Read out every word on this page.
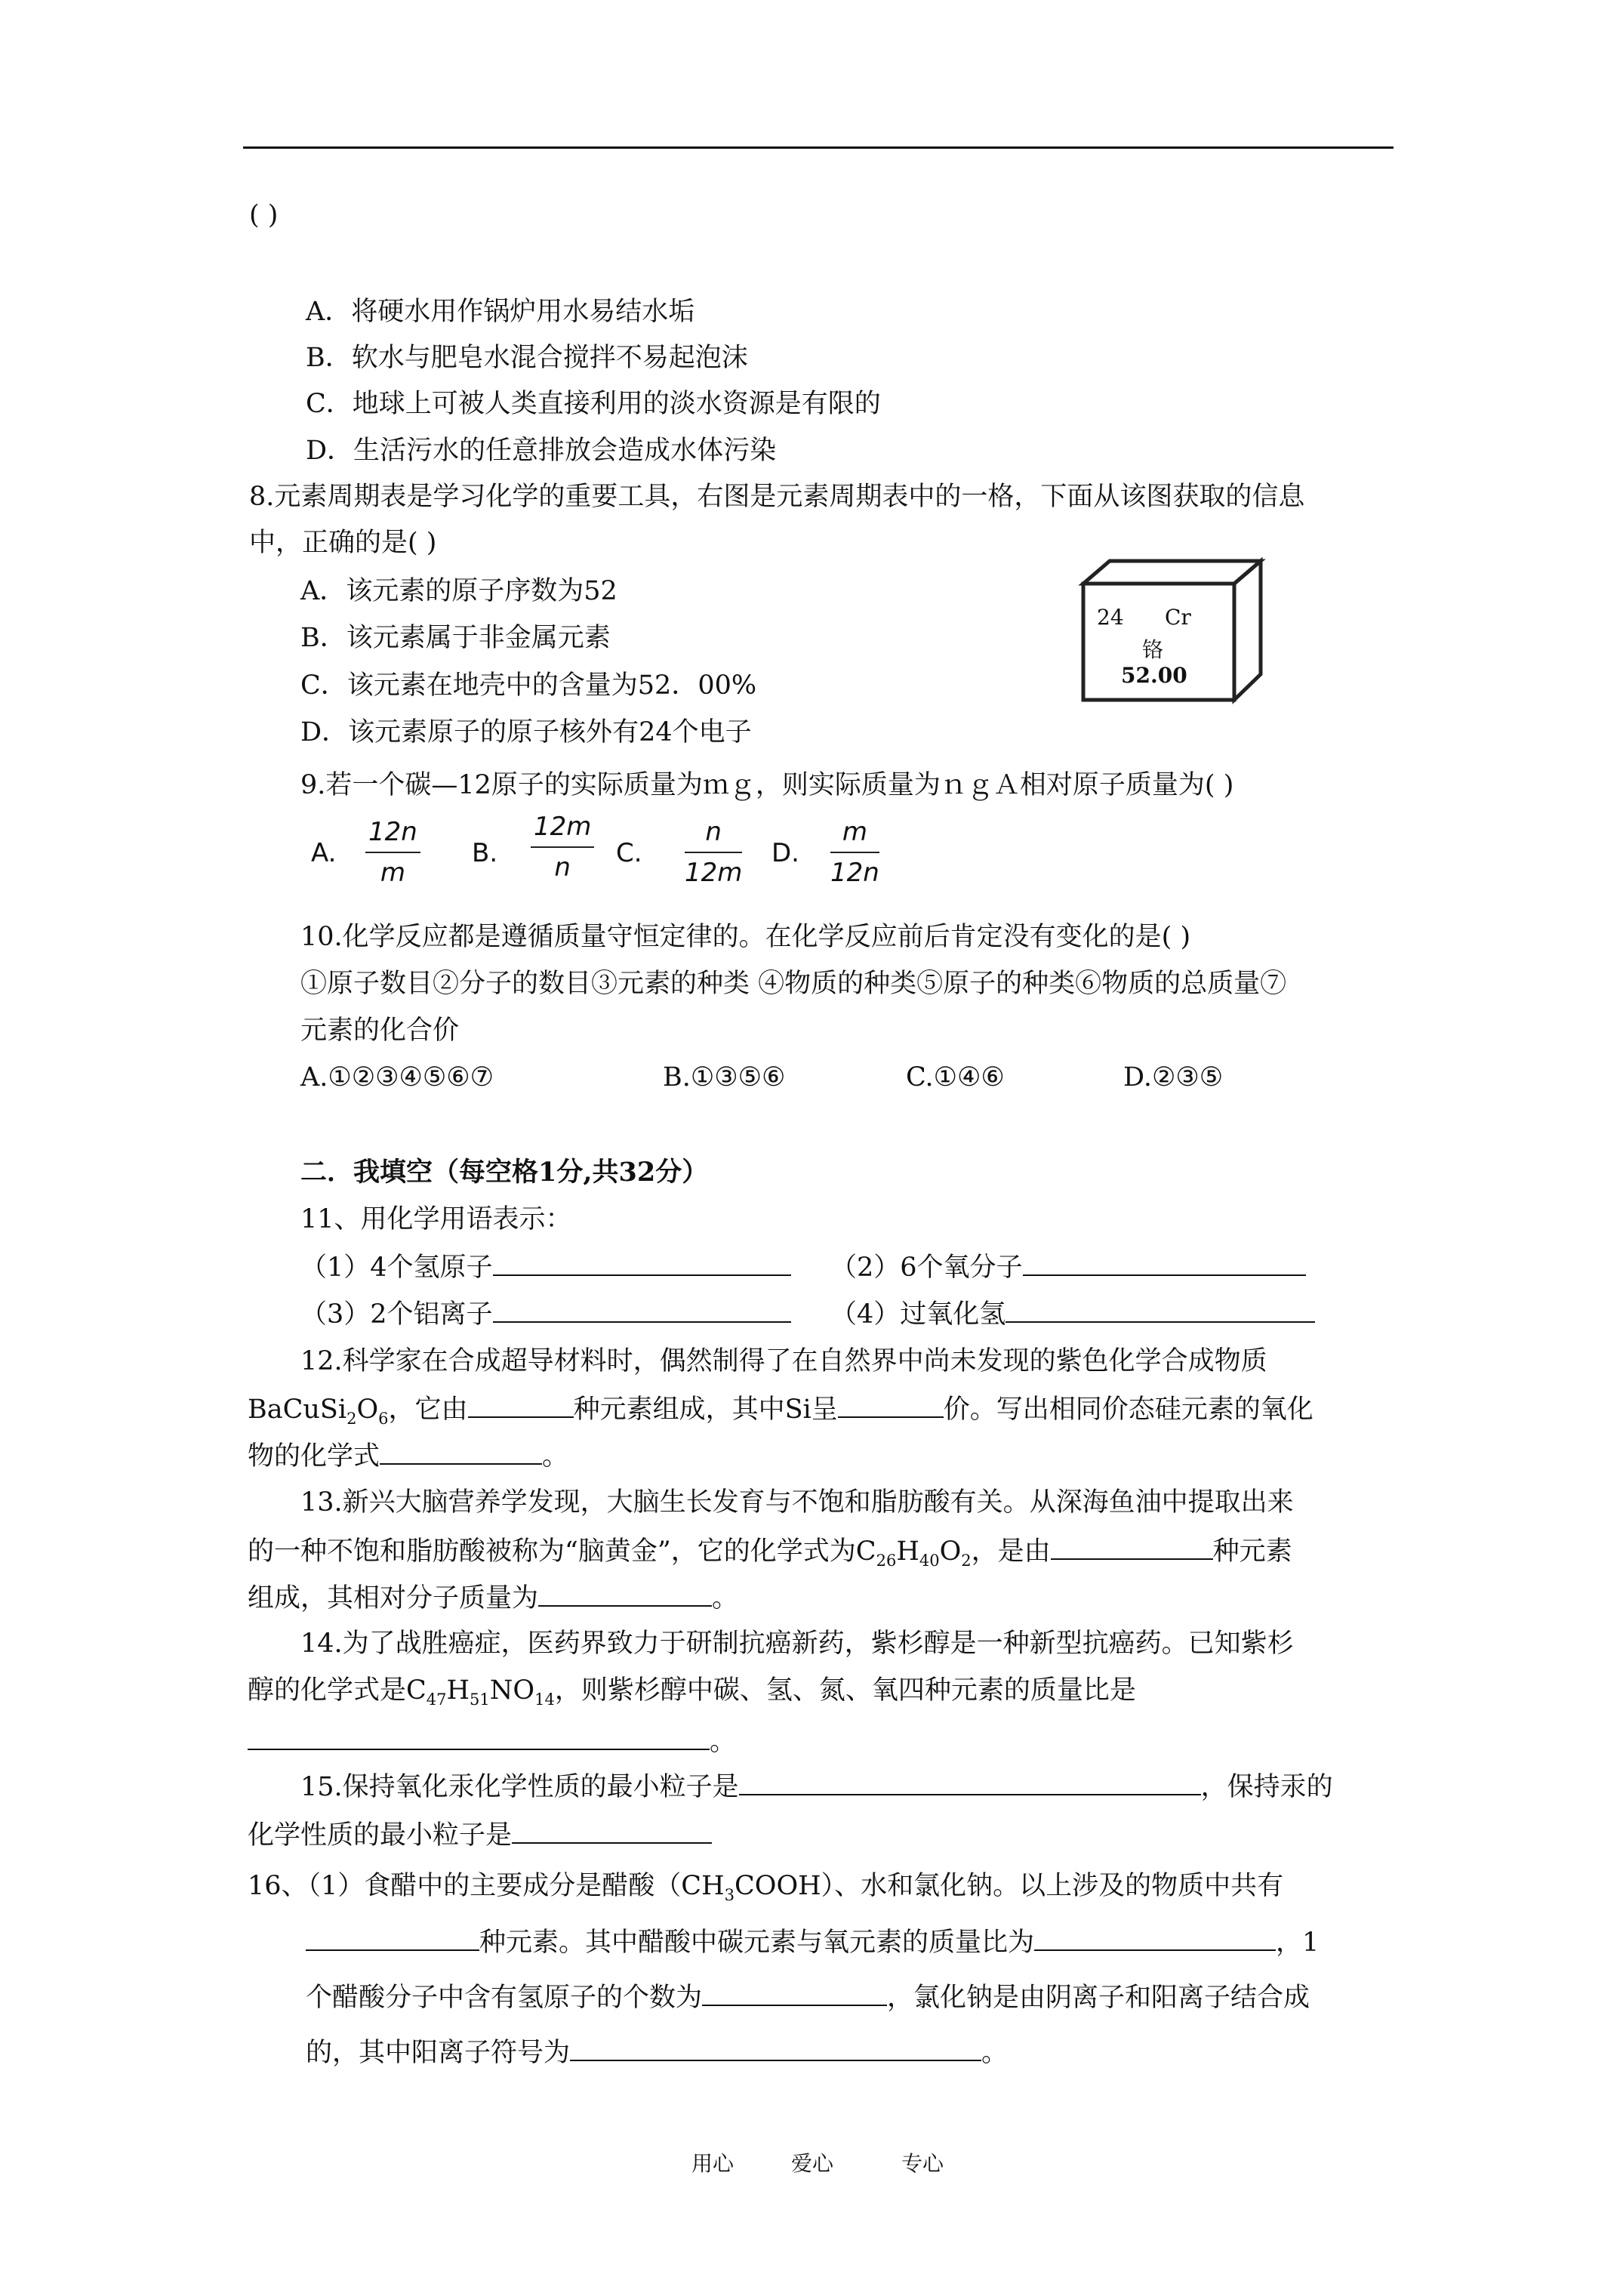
( )
A．将硬水用作锅炉用水易结水垢
B．软水与肥皂水混合搅拌不易起泡沫
C．地球上可被人类直接利用的淡水资源是有限的
D．生活污水的任意排放会造成水体污染
8.元素周期表是学习化学的重要工具，右图是元素周期表中的一格，下面从该图获取的信息
中，正确的是( )
A．该元素的原子序数为52
B．该元素属于非金属元素
C．该元素在地壳中的含量为52．00%
D．该元素原子的原子核外有24个电子
24 Cr
铬
52.00
9.若一个碳—12原子的实际质量为ｍｇ，则实际质量为ｎｇＡ相对原子质量为( )
A. $\frac{12n}{m} B$. $\frac{12m}{n} C$. $\frac{n}{12m} D$. $\frac{m}{12n}$
10.化学反应都是遵循质量守恒定律的。在化学反应前后肯定没有变化的是( )
①原子数目②分子的数目③元素的种类 ④物质的种类⑤原子的种类⑥物质的总质量⑦
元素的化合价
A.①②③④⑤⑥⑦	B.①③⑤⑥	C.①④⑥	D.②③⑤
二．我填空（每空格1分,共32分）
11、用化学用语表示：
（1）4个氢原子	（2）6个氧分子
（3）2个铝离子	（4）过氧化氢
12.科学家在合成超导材料时，偶然制得了在自然界中尚未发现的紫色化学合成物质
$BaCuSi_2O_6$，它由	种元素组成，其中Si呈	价。写出相同价态硅元素的氧化
物的化学式	。
13.新兴大脑营养学发现，大脑生长发育与不饱和脂肪酸有关。从深海鱼油中提取出来
的一种不饱和脂肪酸被称为“脑黄金”，它的化学式为$C_{26}H_{40}O_2$，是由	种元素
组成，其相对分子质量为	。
14.为了战胜癌症，医药界致力于研制抗癌新药，紫杉醇是一种新型抗癌药。已知紫杉
醇的化学式是$C_{47}H_{51}NO_{14}$，则紫杉醇中碳、氢、氮、氧四种元素的质量比是
。
15.保持氧化汞化学性质的最小粒子是	，保持汞的
化学性质的最小粒子是
16、（1）食醋中的主要成分是醋酸$(CH_3COOH)$、水和氯化钠。以上涉及的物质中共有
种元素。其中醋酸中碳元素与氧元素的质量比为	，1
个醋酸分子中含有氢原子的个数为	，氯化钠是由阴离子和阳离子结合成
的，其中阳离子符号为	。
用心	爱心	专心
